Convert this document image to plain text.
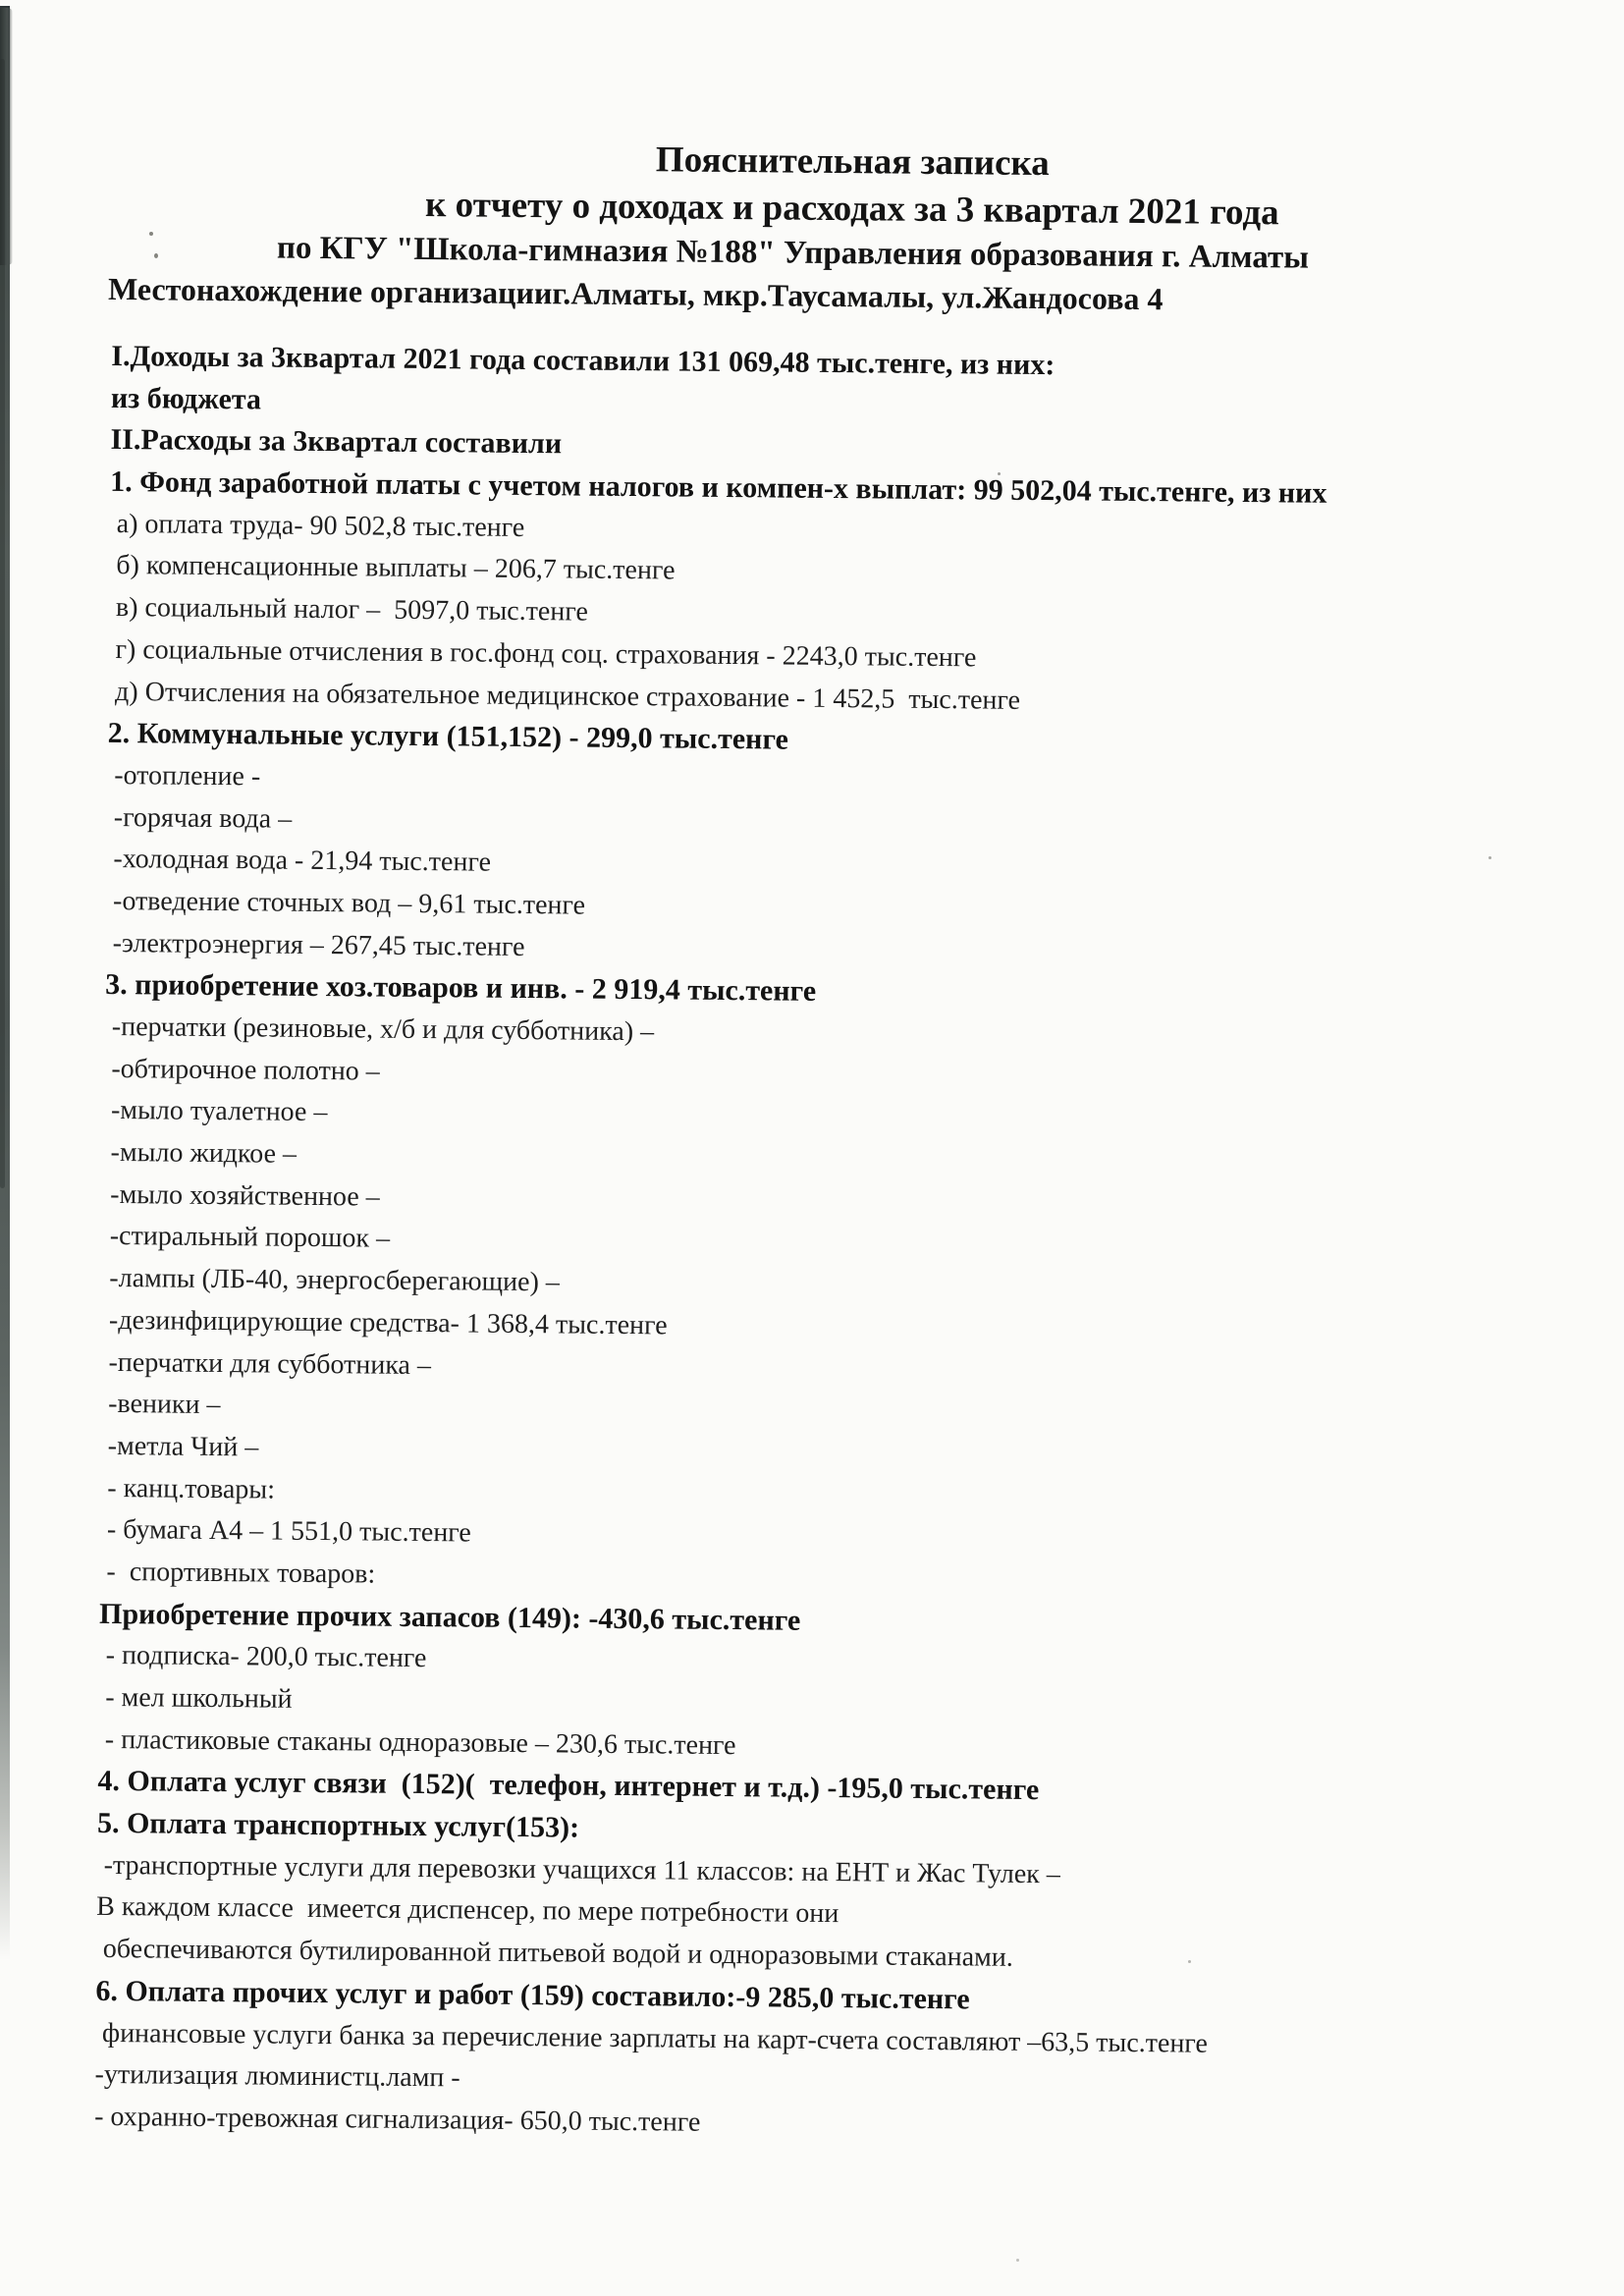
Пояснительная записка
к отчету о доходах и расходах за 3 квартал 2021 года
по КГУ "Школа-гимназия №188" Управления образования г. Алматы
Местонахождение организацииг.Алматы, мкр.Таусамалы, ул.Жандосова 4
I.Доходы за 3квартал 2021 года составили 131 069,48 тыс.тенге, из них:
из бюджета
II.Расходы за 3квартал составили
1. Фонд заработной платы с учетом налогов и компен-х выплат: 99 502,04 тыс.тенге, из них
а) оплата труда- 90 502,8 тыс.тенге
б) компенсационные выплаты – 206,7 тыс.тенге
в) социальный налог –  5097,0 тыс.тенге
г) социальные отчисления в гос.фонд соц. страхования - 2243,0 тыс.тенге
д) Отчисления на обязательное медицинское страхование - 1 452,5  тыс.тенге
2. Коммунальные услуги (151,152) - 299,0 тыс.тенге
-отопление -
-горячая вода –
-холодная вода - 21,94 тыс.тенге
-отведение сточных вод – 9,61 тыс.тенге
-электроэнергия – 267,45 тыс.тенге
3. приобретение хоз.товаров и инв. - 2 919,4 тыс.тенге
-перчатки (резиновые, х/б и для субботника) –
-обтирочное полотно –
-мыло туалетное –
-мыло жидкое –
-мыло хозяйственное –
-стиральный порошок –
-лампы (ЛБ-40, энергосберегающие) –
-дезинфицирующие средства- 1 368,4 тыс.тенге
-перчатки для субботника –
-веники –
-метла Чий –
- канц.товары:
- бумага А4 – 1 551,0 тыс.тенге
-  спортивных товаров:
Приобретение прочих запасов (149): -430,6 тыс.тенге
- подписка- 200,0 тыс.тенге
- мел школьный
- пластиковые стаканы одноразовые – 230,6 тыс.тенге
4. Оплата услуг связи  (152)(  телефон, интернет и т.д.) -195,0 тыс.тенге
5. Оплата транспортных услуг(153):
-транспортные услуги для перевозки учащихся 11 классов: на ЕНТ и Жас Тулек –
В каждом классе  имеется диспенсер, по мере потребности они
обеспечиваются бутилированной питьевой водой и одноразовыми стаканами.
6. Оплата прочих услуг и работ (159) составило:-9 285,0 тыс.тенге
финансовые услуги банка за перечисление зарплаты на карт-счета составляют –63,5 тыс.тенге
-утилизация люминистц.ламп -
- охранно-тревожная сигнализация- 650,0 тыс.тенге
